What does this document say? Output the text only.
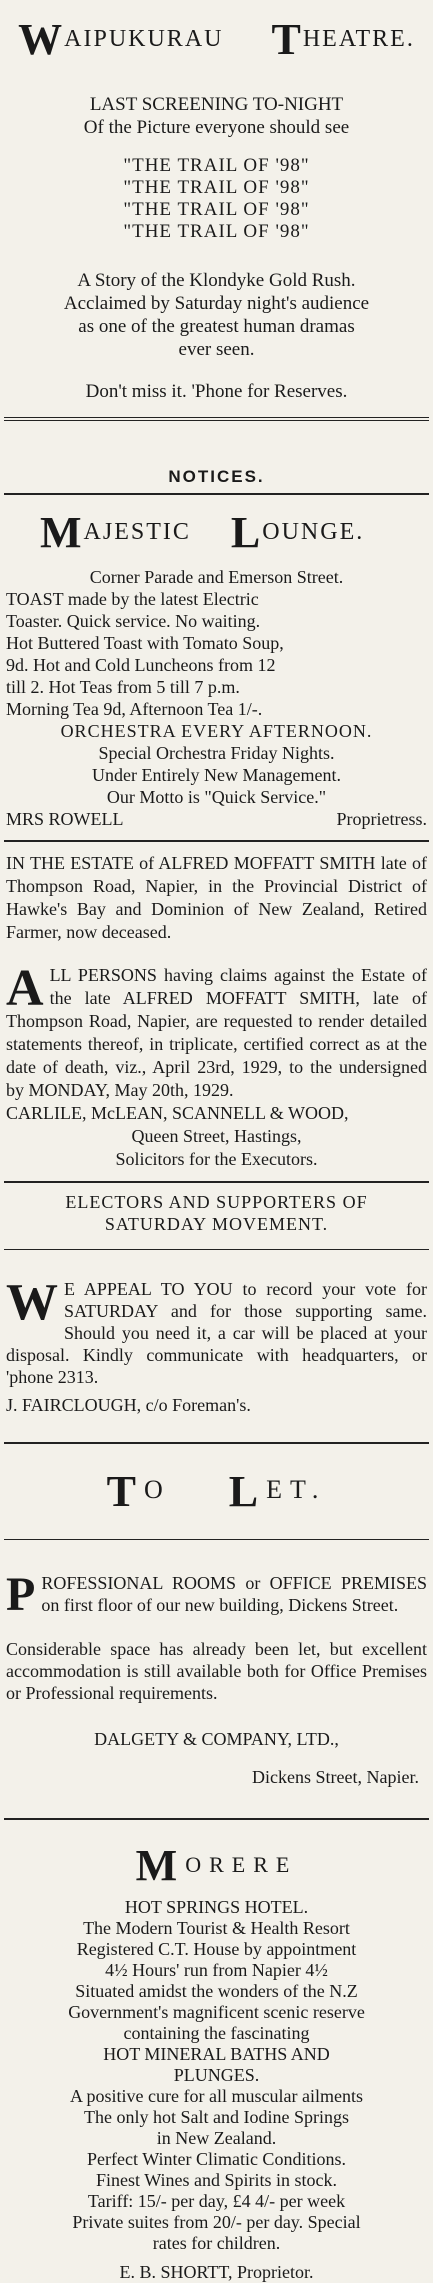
WAIPUKURAU THEATRE.
LAST SCREENING TO-NIGHT
Of the Picture everyone should see
"THE TRAIL OF '98"
"THE TRAIL OF '98"
"THE TRAIL OF '98"
"THE TRAIL OF '98"
A Story of the Klondyke Gold Rush.
Acclaimed by Saturday night's audience
as one of the greatest human dramas
ever seen.
Don't miss it. 'Phone for Reserves.
NOTICES.
MAJESTIC LOUNGE.
Corner Parade and Emerson Street.
TOAST made by the latest Electric
Toaster. Quick service. No waiting.
Hot Buttered Toast with Tomato Soup,
9d. Hot and Cold Luncheons from 12
till 2. Hot Teas from 5 till 7 p.m.
Morning Tea 9d, Afternoon Tea 1/-.
ORCHESTRA EVERY AFTERNOON.
Special Orchestra Friday Nights.
Under Entirely New Management.
Our Motto is "Quick Service."
MRS ROWELL	Proprietress.
IN THE ESTATE of ALFRED MOFFATT SMITH late of Thompson Road, Napier, in the Provincial District of Hawke's Bay and Dominion of New Zealand, Retired Farmer, now deceased.
ALL PERSONS having claims against the Estate of the late ALFRED MOFFATT SMITH, late of Thompson Road, Napier, are requested to render detailed statements thereof, in triplicate, certified correct as at the date of death, viz., April 23rd, 1929, to the undersigned by MONDAY, May 20th, 1929.
CARLILE, McLEAN, SCANNELL & WOOD,
Queen Street, Hastings,
Solicitors for the Executors.
ELECTORS AND SUPPORTERS OF
SATURDAY MOVEMENT.
W E APPEAL TO YOU to record your vote for SATURDAY and for those supporting same. Should you need it, a car will be placed at your disposal. Kindly communicate with headquarters, or 'phone 2313.
J. FAIRCLOUGH, c/o Foreman's.
TO LET.
PROFESSIONAL ROOMS or OFFICE PREMISES on first floor of our new building, Dickens Street.
Considerable space has already been let, but excellent accommodation is still available both for Office Premises or Professional requirements.
DALGETY & COMPANY, LTD.,
Dickens Street, Napier.
MORERE
HOT SPRINGS HOTEL.
The Modern Tourist & Health Resort
Registered C.T. House by appointment
4½ Hours' run from Napier 4½
Situated amidst the wonders of the N.Z
Government's magnificent scenic reserve
containing the fascinating
HOT MINERAL BATHS AND
PLUNGES.
A positive cure for all muscular ailments
The only hot Salt and Iodine Springs
in New Zealand.
Perfect Winter Climatic Conditions.
Finest Wines and Spirits in stock.
Tariff: 15/- per day, £4 4/- per week
Private suites from 20/- per day. Special
rates for children.
E. B. SHORTT, Proprietor.
